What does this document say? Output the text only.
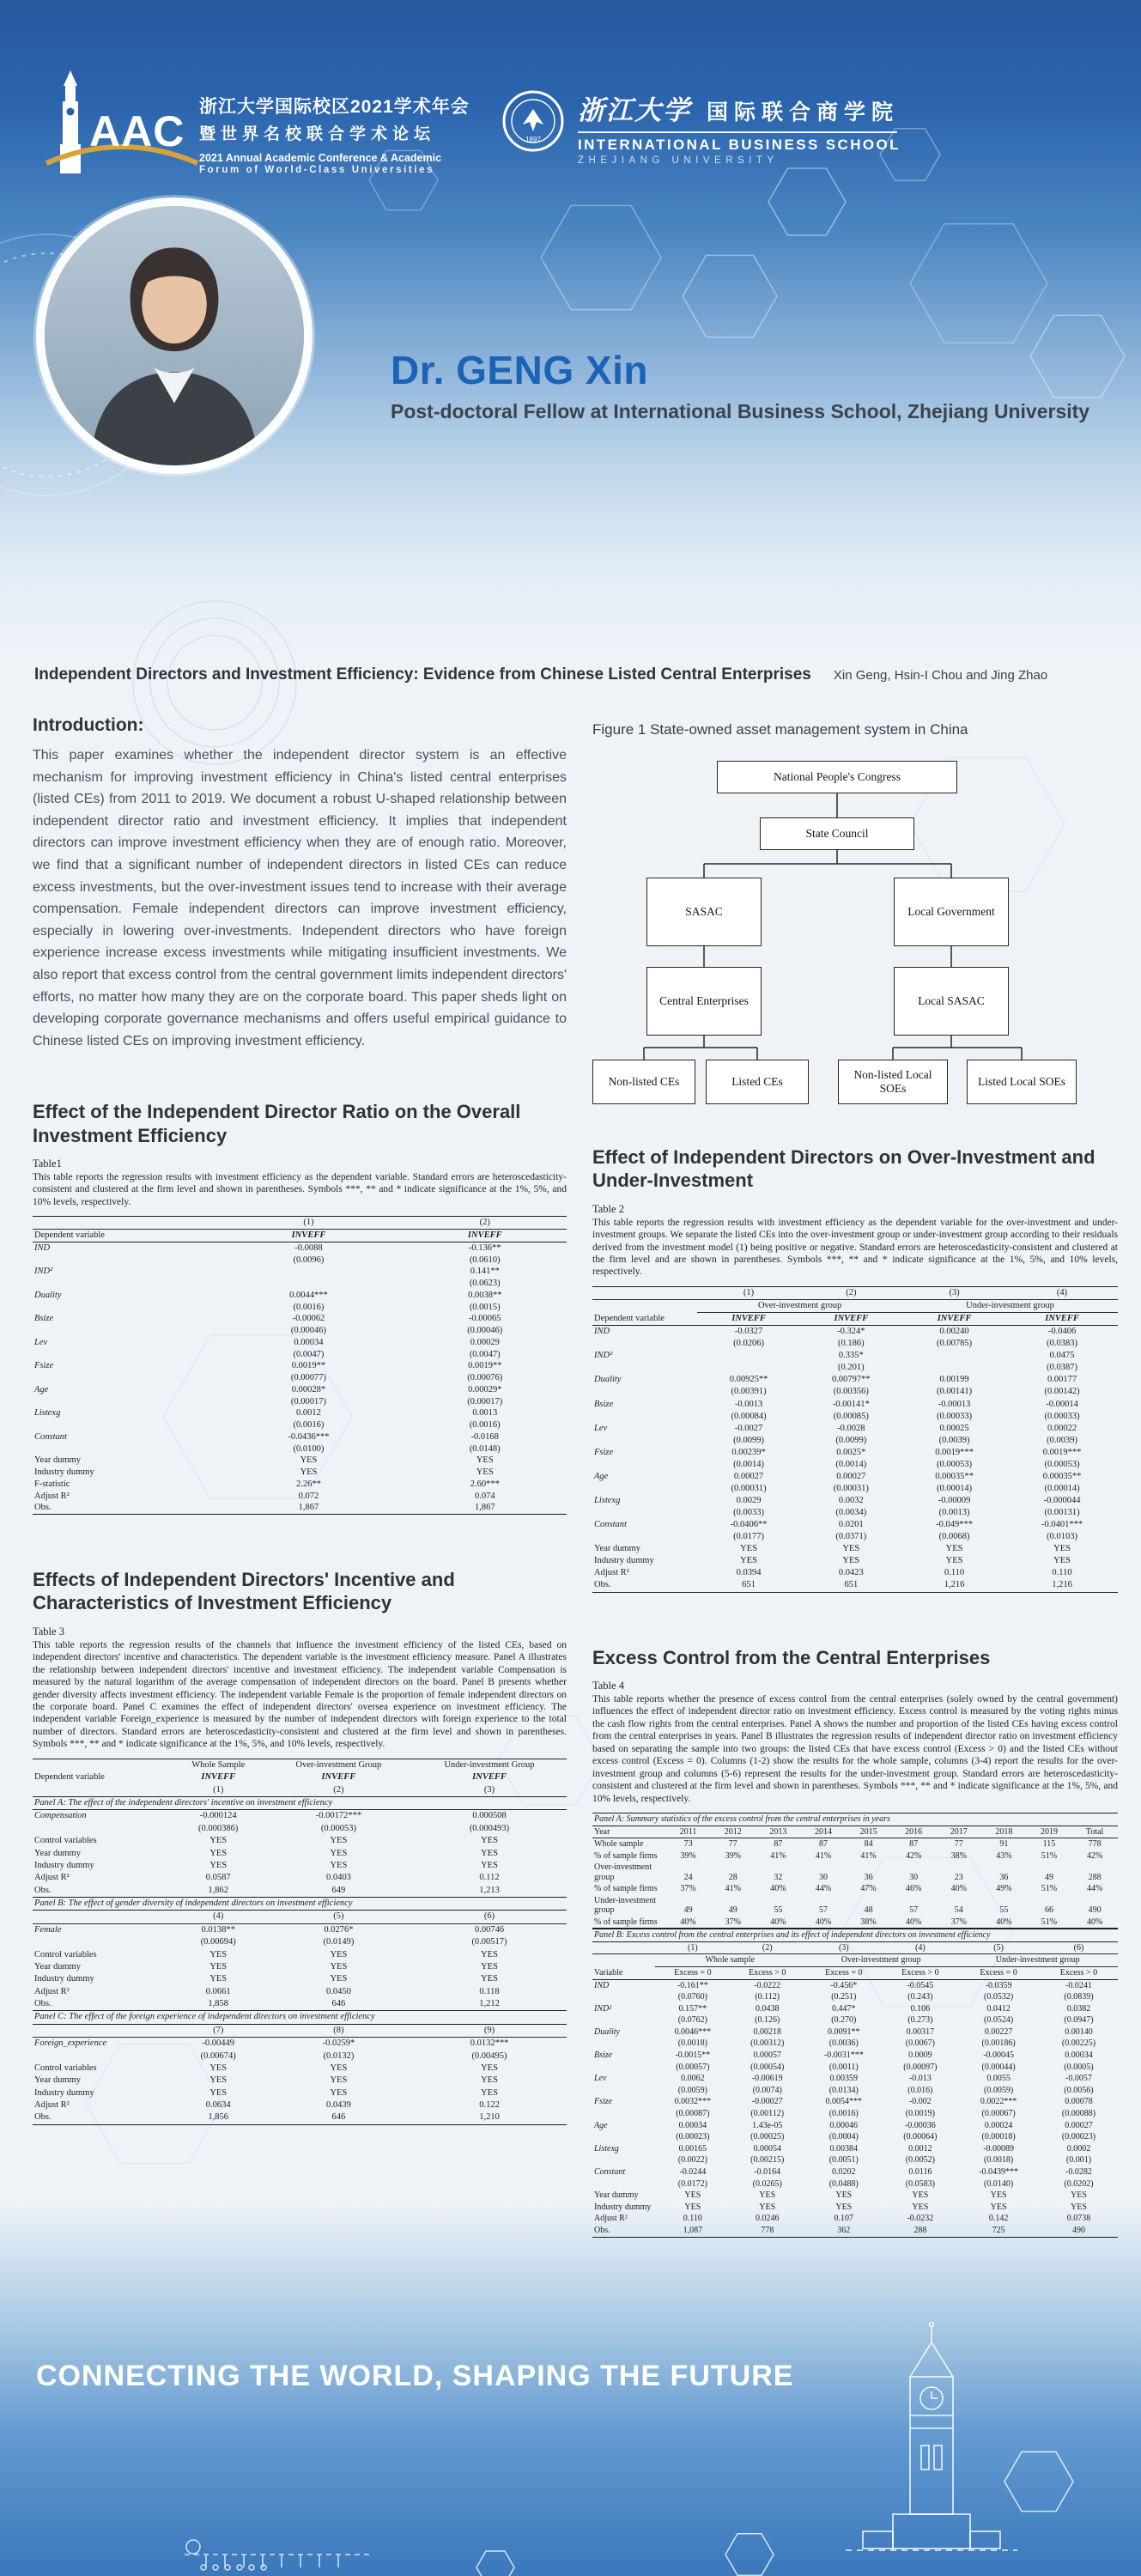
AAC
浙江大学国际校区2021学术年会
暨世界名校联合学术论坛
2021 Annual Academic Conference & Academic
Forum of World-Class Universities
1897
浙江大学 国际联合商学院
INTERNATIONAL BUSINESS SCHOOL
ZHEJIANG UNIVERSITY
Dr. GENG Xin
Post-doctoral Fellow at International Business School, Zhejiang University
Independent Directors and Investment Efficiency: Evidence from Chinese Listed Central Enterprises Xin Geng, Hsin-I Chou and Jing Zhao
Introduction:

This paper examines whether the independent director system is an effective mechanism for improving investment efficiency in China's listed central enterprises (listed CEs) from 2011 to 2019. We document a robust U-shaped relationship between independent director ratio and investment efficiency. It implies that independent directors can improve investment efficiency when they are of enough ratio. Moreover, we find that a significant number of independent directors in listed CEs can reduce excess investments, but the over-investment issues tend to increase with their average compensation. Female independent directors can improve investment efficiency, especially in lowering over-investments. Independent directors who have foreign experience increase excess investments while mitigating insufficient investments. We also report that excess control from the central government limits independent directors' efforts, no matter how many they are on the corporate board. This paper sheds light on developing corporate governance mechanisms and offers useful empirical guidance to Chinese listed CEs on improving investment efficiency.

Effect of the Independent Director Ratio on the Overall Investment Efficiency
Table1
This table reports the regression results with investment efficiency as the dependent variable. Standard errors are heteroscedasticity-consistent and clustered at the firm level and shown in parentheses. Symbols ***, ** and * indicate significance at the 1%, 5%, and 10% levels, respectively.
	(1)	(2)
Dependent variable	INVEFF	INVEFF
IND	-0.0088	-0.136**
	(0.0096)	(0.0610)
IND²		0.141**
		(0.0623)
Duality	0.0044***	0.0038**
	(0.0016)	(0.0015)
Bsize	-0.00062	-0.00065
	(0.00046)	(0.00046)
Lev	0.00034	0.00029
	(0.0047)	(0.0047)
Fsize	0.0019**	0.0019**
	(0.00077)	(0.00076)
Age	0.00028*	0.00029*
	(0.00017)	(0.00017)
Listexg	0.0012	0.0013
	(0.0016)	(0.0016)
Constant	-0.0436***	-0.0168
	(0.0100)	(0.0148)
Year dummy	YES	YES
Industry dummy	YES	YES
F-statistic	2.26**	2.60***
Adjust R²	0.072	0.074
Obs.	1,867	1,867
Effects of Independent Directors' Incentive and Characteristics of Investment Efficiency
Table 3
This table reports the regression results of the channels that influence the investment efficiency of the listed CEs, based on independent directors' incentive and characteristics. The dependent variable is the investment efficiency measure. Panel A illustrates the relationship between independent directors' incentive and investment efficiency. The independent variable Compensation is measured by the natural logarithm of the average compensation of independent directors on the board. Panel B presents whether gender diversity affects investment efficiency. The independent variable Female is the proportion of female independent directors on the corporate board. Panel C examines the effect of independent directors' oversea experience on investment efficiency. The independent variable Foreign_experience is measured by the number of independent directors with foreign experience to the total number of directors. Standard errors are heteroscedasticity-consistent and clustered at the firm level and shown in parentheses. Symbols ***, ** and * indicate significance at the 1%, 5%, and 10% levels, respectively.
	Whole Sample	Over-investment Group	Under-investment Group
Dependent variable	INVEFF	INVEFF	INVEFF
	(1)	(2)	(3)
Panel A: The effect of the independent directors' incentive on investment efficiency			
Compensation	-0.000124	-0.00172***	0.000508
	(0.000386)	(0.00053)	(0.000493)
Control variables	YES	YES	YES
Year dummy	YES	YES	YES
Industry dummy	YES	YES	YES
Adjust R²	0.0587	0.0403	0.112
Obs.	1,862	649	1,213
Panel B: The effect of gender diversity of independent directors on investment efficiency			
	(4)	(5)	(6)
Female	0.0138**	0.0276*	0.00746
	(0.00694)	(0.0149)	(0.00517)
Control variables	YES	YES	YES
Year dummy	YES	YES	YES
Industry dummy	YES	YES	YES
Adjust R²	0.0661	0.0450	0.118
Obs.	1,858	646	1,212
Panel C: The effect of the foreign experience of independent directors on investment efficiency			
	(7)	(8)	(9)
Foreign_experience	-0.00449	-0.0259*	0.0132***
	(0.00674)	(0.0132)	(0.00495)
Control variables	YES	YES	YES
Year dummy	YES	YES	YES
Industry dummy	YES	YES	YES
Adjust R²	0.0634	0.0439	0.122
Obs.	1,856	646	1,210
Figure 1 State-owned asset management system in China
National People's Congress
State Council
SASAC	Local Government
Central Enterprises	Local SASAC
Non-listed CEs	Listed CEs
Non-listed Local SOEs
Listed Local SOEs
Effect of Independent Directors on Over-Investment and Under-Investment
Table 2
This table reports the regression results with investment efficiency as the dependent variable for the over-investment and under-investment groups. We separate the listed CEs into the over-investment group or under-investment group according to their residuals derived from the investment model (1) being positive or negative. Standard errors are heteroscedasticity-consistent and clustered at the firm level and are shown in parentheses. Symbols ***, ** and * indicate significance at the 1%, 5%, and 10% levels, respectively.
	(1)	(2)	(3)	(4)
	Over-investment group		Under-investment group	
Dependent variable	INVEFF	INVEFF	INVEFF	INVEFF
IND	-0.0327	-0.324*	0.00240	-0.0406
	(0.0206)	(0.186)	(0.00785)	(0.0383)
IND²		0.335*		0.0475
		(0.201)		(0.0387)
Duality	0.00925**	0.00797**	0.00199	0.00177
	(0.00391)	(0.00356)	(0.00141)	(0.00142)
Bsize	-0.0013	-0.00141*	-0.00013	-0.00014
	(0.00084)	(0.00085)	(0.00033)	(0.00033)
Lev	-0.0027	-0.0028	0.00025	0.00022
	(0.0099)	(0.0099)	(0.0039)	(0.0039)
Fsize	0.00239*	0.0025*	0.0019***	0.0019***
	(0.0014)	(0.0014)	(0.00053)	(0.00053)
Age	0.00027	0.00027	0.00035**	0.00035**
	(0.00031)	(0.00031)	(0.00014)	(0.00014)
Listexg	0.0029	0.0032	-0.00009	-0.000044
	(0.0033)	(0.0034)	(0.0013)	(0.00131)
Constant	-0.0406**	0.0201	-0.049***	-0.0401***
	(0.0177)	(0.0371)	(0.0068)	(0.0103)
Year dummy	YES	YES	YES	YES
Industry dummy	YES	YES	YES	YES
Adjust R²	0.0394	0.0423	0.110	0.110
Obs.	651	651	1,216	1,216
Excess Control from the Central Enterprises
Table 4
This table reports whether the presence of excess control from the central enterprises (solely owned by the central government) influences the effect of independent director ratio on investment efficiency. Excess control is measured by the voting rights minus the cash flow rights from the central enterprises. Panel A shows the number and proportion of the listed CEs having excess control from the central enterprises in years. Panel B illustrates the regression results of independent director ratio on investment efficiency based on separating the sample into two groups: the listed CEs that have excess control (Excess > 0) and the listed CEs without excess control (Excess = 0). Columns (1-2) show the results for the whole sample, columns (3-4) report the results for the over-investment group and columns (5-6) represent the results for the under-investment group. Standard errors are heteroscedasticity-consistent and clustered at the firm level and shown in parentheses. Symbols ***, ** and * indicate significance at the 1%, 5%, and 10% levels, respectively.
Panel A: Summary statistics of the excess control from the central enterprises in years										
Year	2011	2012	2013	2014	2015	2016	2017	2018	2019	Total
Whole sample	73	77	87	87	84	87	77	91	115	778
% of sample firms	39%	39%	41%	41%	41%	42%	38%	43%	51%	42%
Over-investment group	24	28	32	30	36	30	23	36	49	288
% of sample firms	37%	41%	40%	44%	47%	46%	40%	49%	51%	44%
Under-investment group	49	49	55	57	48	57	54	55	66	490
% of sample firms	40%	37%	40%	40%	38%	40%	37%	40%	51%	40%
Panel B: Excess control from the central enterprises and its effect of independent directors on investment efficiency						
	(1)	(2)	(3)	(4)	(5)	(6)
	Whole sample		Over-investment group		Under-investment group	
Variable	Excess = 0	Excess > 0	Excess = 0	Excess > 0	Excess = 0	Excess > 0
IND	-0.161**	-0.0222	-0.456*	-0.0545	-0.0359	-0.0241
	(0.0760)	(0.112)	(0.251)	(0.243)	(0.0532)	(0.0839)
IND²	0.157**	0.0438	0.447*	0.106	0.0412	0.0382
	(0.0762)	(0.126)	(0.270)	(0.273)	(0.0524)	(0.0947)
Duality	0.0046***	0.00218	0.0091**	0.00317	0.00227	0.00140
	(0.0018)	(0.00312)	(0.0036)	(0.0067)	(0.00186)	(0.00225)
Bsize	-0.0015**	0.00057	-0.0031***	0.0009	-0.00045	0.00034
	(0.00057)	(0.00054)	(0.0011)	(0.00097)	(0.00044)	(0.0005)
Lev	0.0062	-0.00619	0.00359	-0.013	0.0055	-0.0057
	(0.0059)	(0.0074)	(0.0134)	(0.016)	(0.0059)	(0.0056)
Fsize	0.0032***	-0.00027	0.0054***	-0.002	0.0022***	0.00078
	(0.00087)	(0.00112)	(0.0016)	(0.0019)	(0.00067)	(0.00088)
Age	0.00034	1.43e-05	0.00046	-0.00036	0.00024	0.00027
	(0.00023)	(0.00025)	(0.0004)	(0.00064)	(0.00018)	(0.00023)
Listexg	0.00165	0.00054	0.00384	0.0012	-0.00089	0.0002
	(0.0022)	(0.00215)	(0.0051)	(0.0052)	(0.0018)	(0.001)
Constant	-0.0244	-0.0164	0.0202	0.0116	-0.0439***	-0.0282
	(0.0172)	(0.0265)	(0.0488)	(0.0583)	(0.0140)	(0.0202)
Year dummy	YES	YES	YES	YES	YES	YES
Industry dummy	YES	YES	YES	YES	YES	YES
Adjust R²	0.110	0.0246	0.107	-0.0232	0.142	0.0738
Obs.	1,087	778	362	288	725	490
CONNECTING THE WORLD, SHAPING THE FUTURE
